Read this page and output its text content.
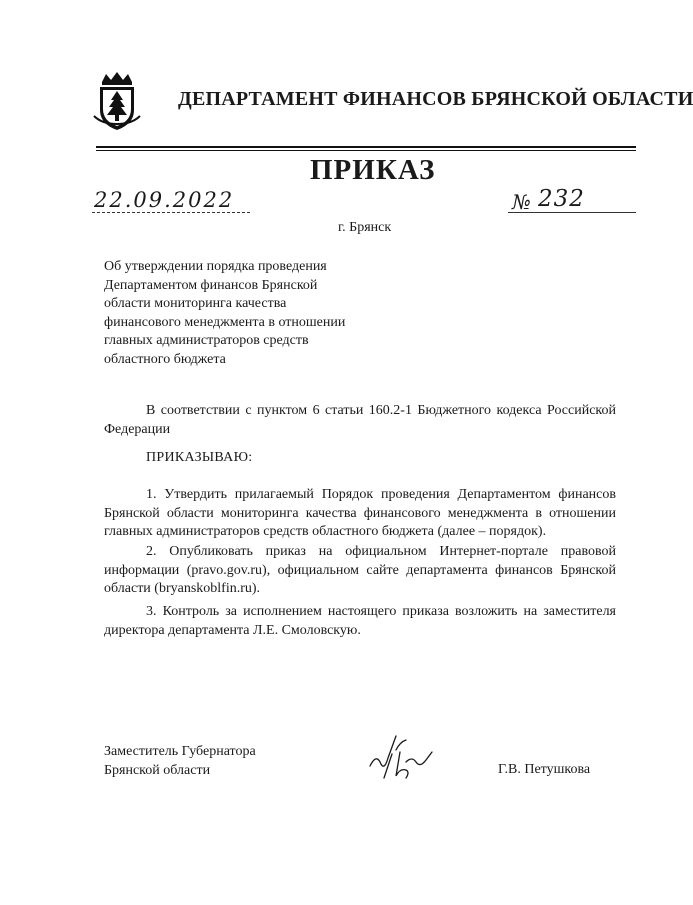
ДЕПАРТАМЕНТ ФИНАНСОВ БРЯНСКОЙ ОБЛАСТИ
ПРИКАЗ
22.09.2022	№ 232
г. Брянск
Об утверждении порядка проведения
Департаментом финансов Брянской
области мониторинга качества
финансового менеджмента в отношении
главных администраторов средств
областного бюджета
В соответствии с пунктом 6 статьи 160.2-1 Бюджетного кодекса Российской Федерации
ПРИКАЗЫВАЮ:
1. Утвердить прилагаемый Порядок проведения Департаментом финансов Брянской области мониторинга качества финансового менеджмента в отношении главных администраторов средств областного бюджета (далее – порядок).
2. Опубликовать приказ на официальном Интернет-портале правовой информации (pravo.gov.ru), официальном сайте департамента финансов Брянской области (bryanskoblfin.ru).
3. Контроль за исполнением настоящего приказа возложить на заместителя директора департамента Л.Е. Смоловскую.
Заместитель Губернатора
Брянской области	Г.В. Петушкова
